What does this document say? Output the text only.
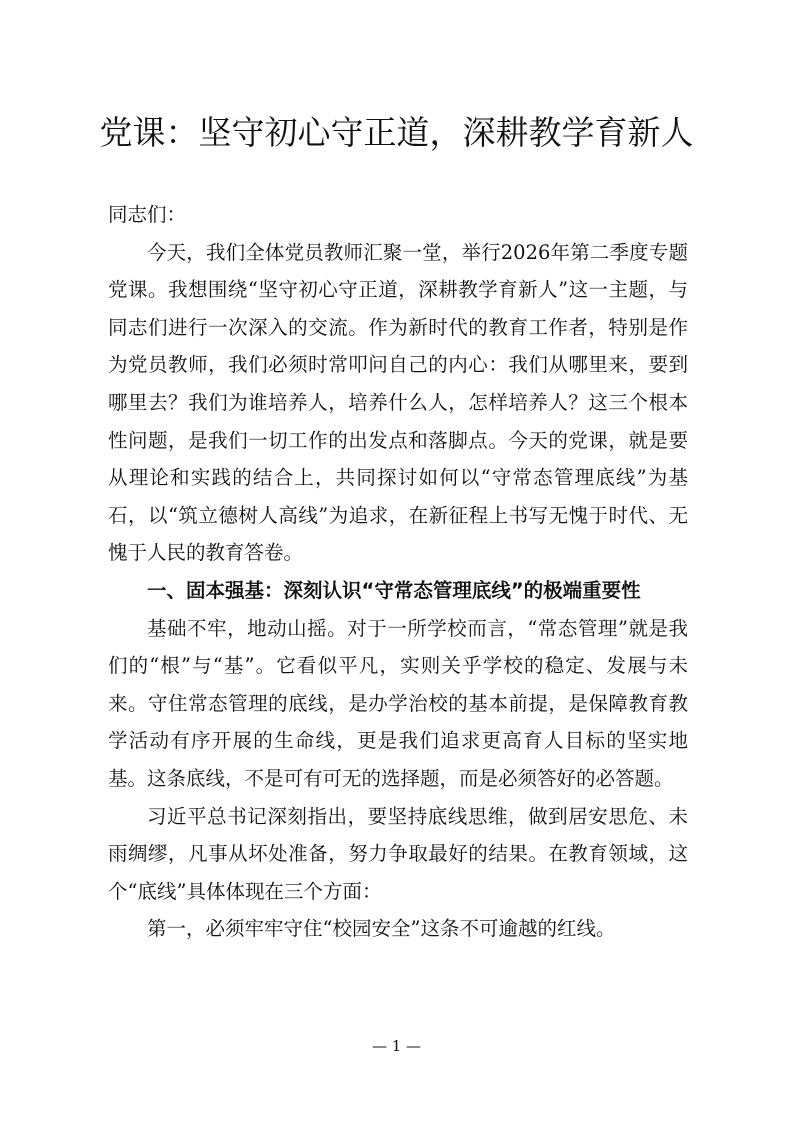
党课：坚守初心守正道，深耕教学育新人

同志们：

今天，我们全体党员教师汇聚一堂，举行2026年第二季度专题党课。我想围绕“坚守初心守正道，深耕教学育新人”这一主题，与同志们进行一次深入的交流。作为新时代的教育工作者，特别是作为党员教师，我们必须时常叩问自己的内心：我们从哪里来，要到哪里去？我们为谁培养人，培养什么人，怎样培养人？这三个根本性问题，是我们一切工作的出发点和落脚点。今天的党课，就是要从理论和实践的结合上，共同探讨如何以“守常态管理底线”为基石，以“筑立德树人高线”为追求，在新征程上书写无愧于时代、无愧于人民的教育答卷。

一、固本强基：深刻认识“守常态管理底线”的极端重要性

基础不牢，地动山摇。对于一所学校而言，“常态管理”就是我们的“根”与“基”。它看似平凡，实则关乎学校的稳定、发展与未来。守住常态管理的底线，是办学治校的基本前提，是保障教育教学活动有序开展的生命线，更是我们追求更高育人目标的坚实地基。这条底线，不是可有可无的选择题，而是必须答好的必答题。

习近平总书记深刻指出，要坚持底线思维，做到居安思危、未雨绸缪，凡事从坏处准备，努力争取最好的结果。在教育领域，这个“底线”具体体现在三个方面：

第一，必须牢牢守住“校园安全”这条不可逾越的红线。

— 1 —
